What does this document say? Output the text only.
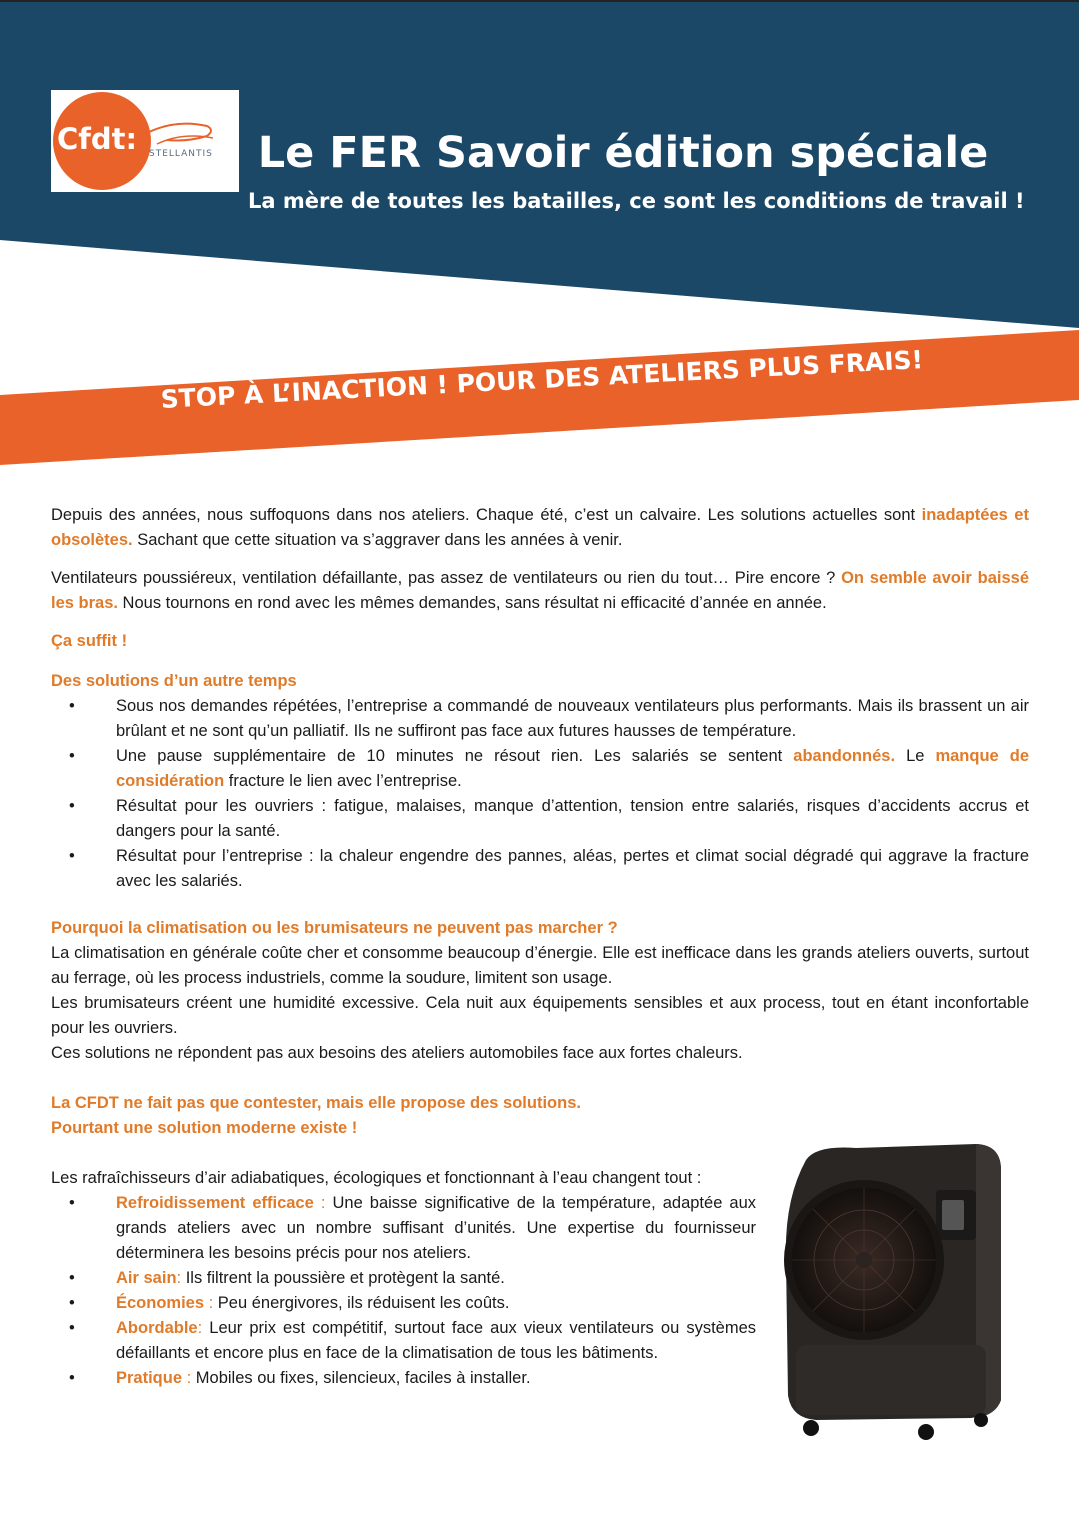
Cfdt: STELLANTIS Le FER Savoir édition spéciale
La mère de toutes les batailles, ce sont les conditions de travail !
STOP À L’INACTION ! POUR DES ATELIERS PLUS FRAIS!

Depuis des années, nous suffoquons dans nos ateliers. Chaque été, c’est un calvaire. Les solutions actuelles sont inadaptées et obsolètes. Sachant que cette situation va s’aggraver dans les années à venir.

Ventilateurs poussiéreux, ventilation défaillante, pas assez de ventilateurs ou rien du tout… Pire encore ? On semble avoir baissé les bras. Nous tournons en rond avec les mêmes demandes, sans résultat ni efficacité d’année en année.

Ça suffit !

Des solutions d’un autre temps

• Sous nos demandes répétées, l’entreprise a commandé de nouveaux ventilateurs plus performants. Mais ils brassent un air brûlant et ne sont qu’un palliatif. Ils ne suffiront pas face aux futures hausses de température.
• Une pause supplémentaire de 10 minutes ne résout rien. Les salariés se sentent abandonnés. Le manque de considération fracture le lien avec l’entreprise.
• Résultat pour les ouvriers : fatigue, malaises, manque d’attention, tension entre salariés, risques d’accidents accrus et dangers pour la santé.
• Résultat pour l’entreprise : la chaleur engendre des pannes, aléas, pertes et climat social dégradé qui aggrave la fracture avec les salariés.

Pourquoi la climatisation ou les brumisateurs ne peuvent pas marcher ?

La climatisation en générale coûte cher et consomme beaucoup d’énergie. Elle est inefficace dans les grands ateliers ouverts, surtout au ferrage, où les process industriels, comme la soudure, limitent son usage.

Les brumisateurs créent une humidité excessive. Cela nuit aux équipements sensibles et aux process, tout en étant inconfortable pour les ouvriers.

Ces solutions ne répondent pas aux besoins des ateliers automobiles face aux fortes chaleurs.

La CFDT ne fait pas que contester, mais elle propose des solutions.

Pourtant une solution moderne existe !

Les rafraîchisseurs d’air adiabatiques, écologiques et fonctionnant à l’eau changent tout :

• Refroidissement efficace : Une baisse significative de la température, adaptée aux grands ateliers avec un nombre suffisant d’unités. Une expertise du fournisseur déterminera les besoins précis pour nos ateliers.
• Air sain: Ils filtrent la poussière et protègent la santé.
• Économies : Peu énergivores, ils réduisent les coûts.
• Abordable: Leur prix est compétitif, surtout face aux vieux ventilateurs ou systèmes défaillants et encore plus en face de la climatisation de tous les bâtiments.
• Pratique : Mobiles ou fixes, silencieux, faciles à installer.
